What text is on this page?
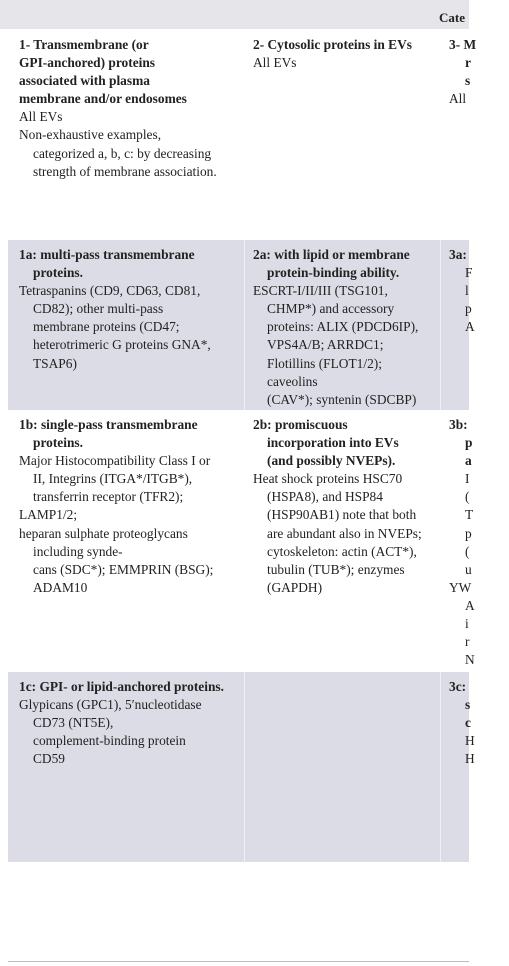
Cate
1- Transmembrane (or
GPI-anchored) proteins
associated with plasma
membrane and/or endosomes
All EVs
Non-exhaustive examples,
categorized a, b, c: by decreasing
strength of membrane association.
2- Cytosolic proteins in EVs
All EVs
3- M
r
s
All
1a: multi-pass transmembrane
proteins.
Tetraspanins (CD9, CD63, CD81,
CD82); other multi-pass
membrane proteins (CD47;
heterotrimeric G proteins GNA*,
TSAP6)
2a: with lipid or membrane
protein-binding ability.
ESCRT-I/II/III (TSG101,
CHMP*) and accessory
proteins: ALIX (PDCD6IP),
VPS4A/B; ARRDC1;
Flotillins (FLOT1/2);
caveolins
(CAV*); syntenin (SDCBP)
3a:
F
l
p
A
1b: single-pass transmembrane
proteins.
Major Histocompatibility Class I or
II, Integrins (ITGA*/ITGB*),
transferrin receptor (TFR2);
LAMP1/2;
heparan sulphate proteoglycans
including synde-
cans (SDC*); EMMPRIN (BSG);
ADAM10
2b: promiscuous
incorporation into EVs
(and possibly NVEPs).
Heat shock proteins HSC70
(HSPA8), and HSP84
(HSP90AB1) note that both
are abundant also in NVEPs;
cytoskeleton: actin (ACT*),
tubulin (TUB*); enzymes
(GAPDH)
3b:
p
a
I
(
T
p
(
u
YW
A
i
r
N
1c: GPI- or lipid-anchored proteins.
Glypicans (GPC1), 5′nucleotidase
CD73 (NT5E),
complement-binding protein
CD59
3c:
s
c
H
H
